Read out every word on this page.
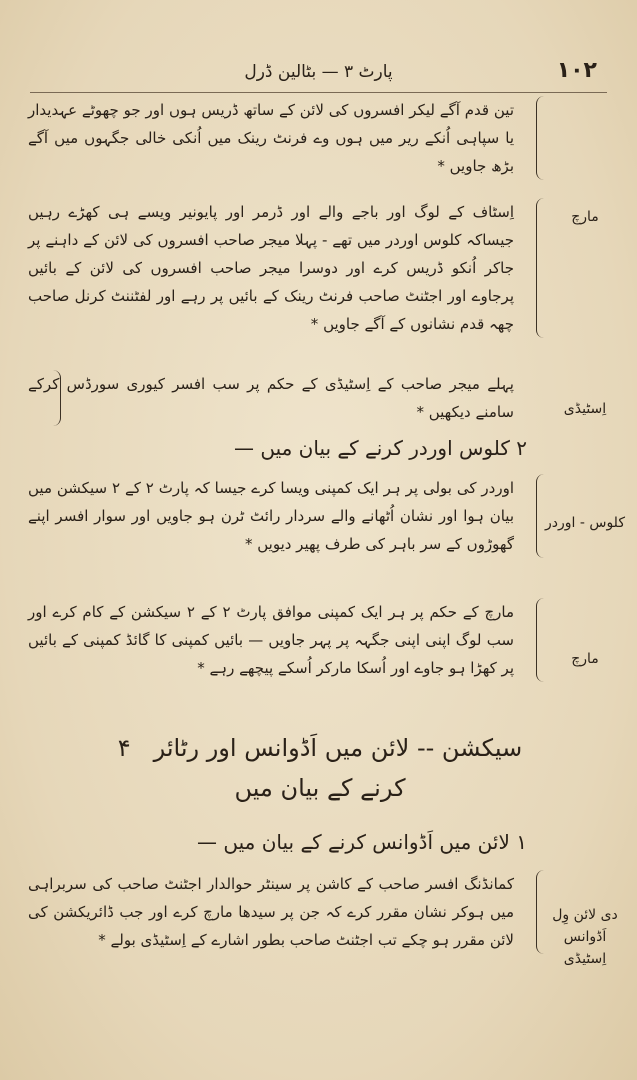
١٠٢
پارٹ ٣ — بٹالین ڈرل
تین قدم آگے لیکر افسروں کی لائن کے ساتھ ڈریس ہوں اور جو چھوٹے عہدیدار یا سپاہی اُنکے ریر میں ہوں وے فرنٹ رینک میں اُنکی خالی جگہوں میں آگے بڑھ جاویں *
اِسٹاف کے لوگ اور باجے والے اور ڈرمر اور پایونیر ویسے ہی کھڑے رہیں جیساکہ کلوس اوردر میں تھے - پہلا میجر صاحب افسروں کی لائن کے داہنے پر جاکر اُنکو ڈریس کرے اور دوسرا میجر صاحب افسروں کی لائن کے بائیں پرجاوے اور اجٹنٹ صاحب فرنٹ رینک کے بائیں پر رہے اور لفٹننٹ کرنل صاحب چھہ قدم نشانوں کے آگے جاویں *
مارچ
پہلے میجر صاحب کے اِسٹیڈی کے حکم پر سب افسر کیوری سورڈس کرکے سامنے دیکھیں *	اِسٹیڈی
٢ کلوس اوردر کرنے کے بیان میں —
اوردر کی بولی پر ہر ایک کمپنی ویسا کرے جیسا کہ پارٹ ٢ کے ٢ سیکشن میں بیان ہوا اور نشان اُٹھانے والے سردار رائٹ ٹرن ہو جاویں اور سوار افسر اپنے گھوڑوں کے سر باہر کی طرف پھیر دیویں *
کلوس - اوردر
مارچ کے حکم پر ہر ایک کمپنی موافق پارٹ ٢ کے ٢ سیکشن کے کام کرے اور سب لوگ اپنی اپنی جگہہ پر پہر جاویں — بائیں کمپنی کا گائڈ کمپنی کے بائیں پر کھڑا ہو جاوے اور اُسکا مارکر اُسکے پیچھے رہے *	مارچ
سیکشن -- لائن میں اَڈوانس اور رٹائر   ۴
کرنے کے بیان میں
١ لائن میں اَڈوانس کرنے کے بیان میں —
کمانڈنگ افسر صاحب کے کاشن پر سینٹر حوالدار اجٹنٹ صاحب کی سربراہی میں ہوکر نشان مقرر کرے کہ جن پر سیدھا مارچ کرے اور جب ڈائریکشن کی لائن مقرر ہو چکے تب اجٹنٹ صاحب بطور اشارے کے اِسٹیڈی بولے *
دی لائن وِل
اَڈوانس
اِسٹیڈی
